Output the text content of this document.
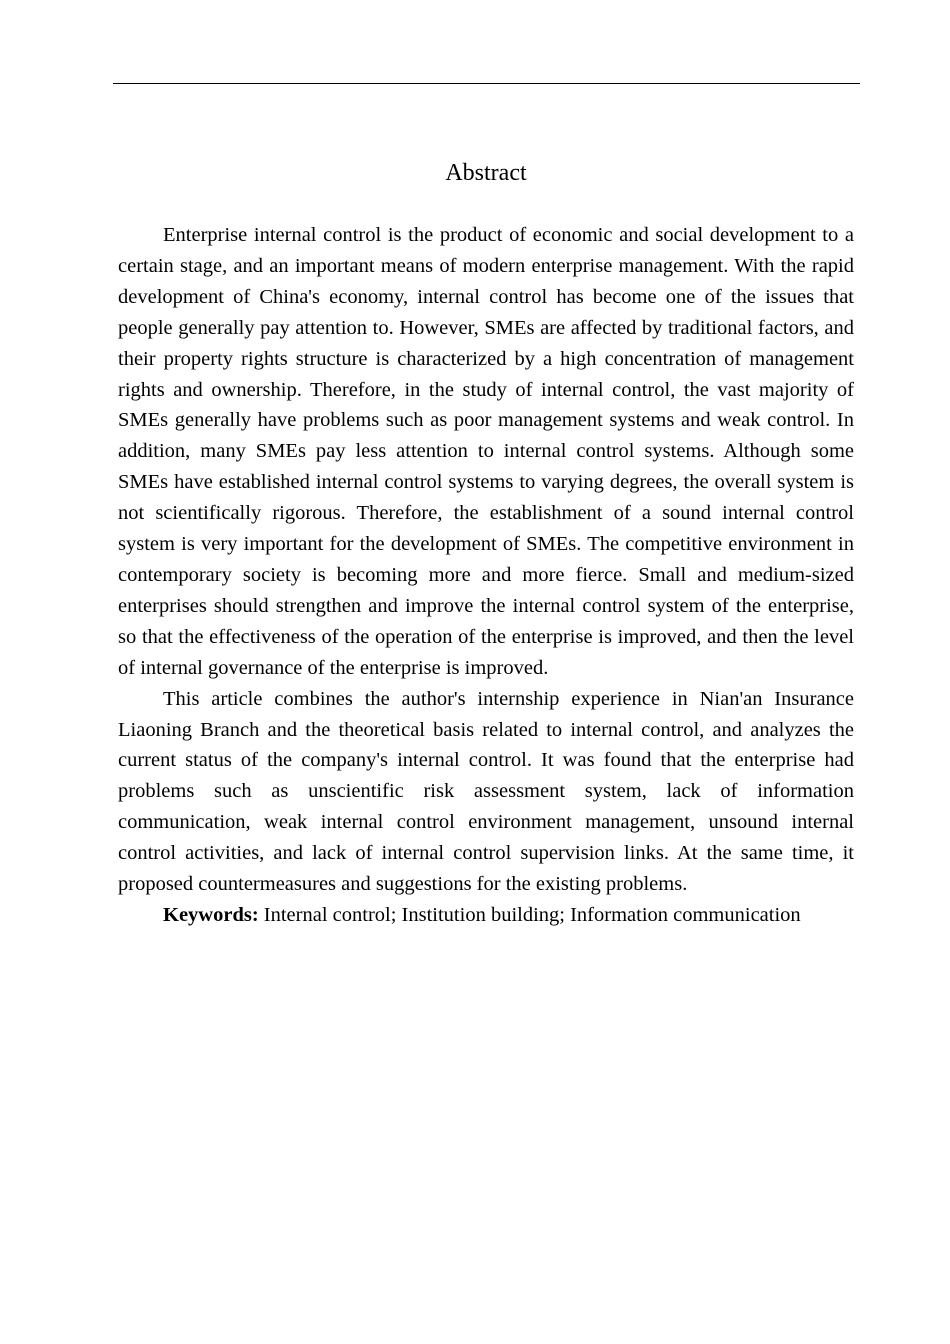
Abstract

Enterprise internal control is the product of economic and social development to a certain stage, and an important means of modern enterprise management. With the rapid development of China's economy, internal control has become one of the issues that people generally pay attention to. However, SMEs are affected by traditional factors, and their property rights structure is characterized by a high concentration of management rights and ownership. Therefore, in the study of internal control, the vast majority of SMEs generally have problems such as poor management systems and weak control. In addition, many SMEs pay less attention to internal control systems. Although some SMEs have established internal control systems to varying degrees, the overall system is not scientifically rigorous. Therefore, the establishment of a sound internal control system is very important for the development of SMEs. The competitive environment in contemporary society is becoming more and more fierce. Small and medium-sized enterprises should strengthen and improve the internal control system of the enterprise, so that the effectiveness of the operation of the enterprise is improved, and then the level of internal governance of the enterprise is improved.

This article combines the author's internship experience in Nian'an Insurance Liaoning Branch and the theoretical basis related to internal control, and analyzes the current status of the company's internal control. It was found that the enterprise had problems such as unscientific risk assessment system, lack of information communication, weak internal control environment management, unsound internal control activities, and lack of internal control supervision links. At the same time, it proposed countermeasures and suggestions for the existing problems.

Keywords: Internal control; Institution building; Information communication
